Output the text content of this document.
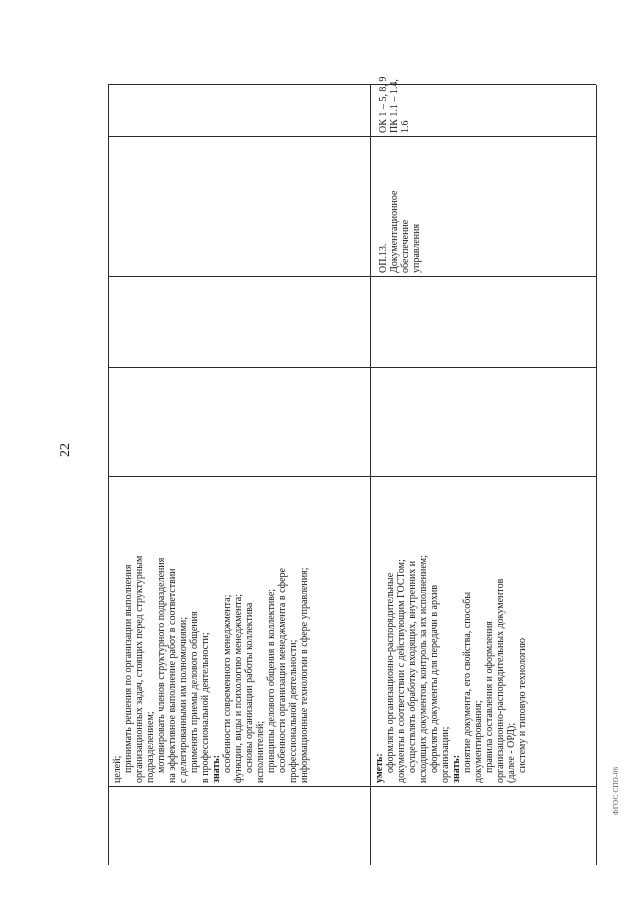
22
целей; принимать решения по организации выполнения организационных задач, стоящих перед структурным подразделением; мотивировать членов структурного подразделения на эффективное выполнение работ в соответствии с делегированными им полномочиями; применять приемы делового общения в профессиональной деятельности; знать: особенности современного менеджмента; функции, виды и психологию менеджмента; основы организации работы коллектива исполнителей; принципы делового общения в коллективе; особенности организации менеджмента в сфере профессиональной деятельности; информационные технологии в сфере управления;	уметь: оформлять организационно-распорядительные документы в соответствии с действующим ГОСТом; осуществлять обработку входящих, внутренних и исходящих документов, контроль за их исполнением; оформлять документы для передачи в архив организации; знать: понятие документа, его свойства, способы документирования; правила составления и оформления организационно-распорядительных документов (далее - ОРД); систему и типовую технологию
ОП.13. Документационное обеспечение управления
ОК 1 – 5, 8, 9 ПК 1.1 – 1.4, 1.6
ФГОС СПО-06
